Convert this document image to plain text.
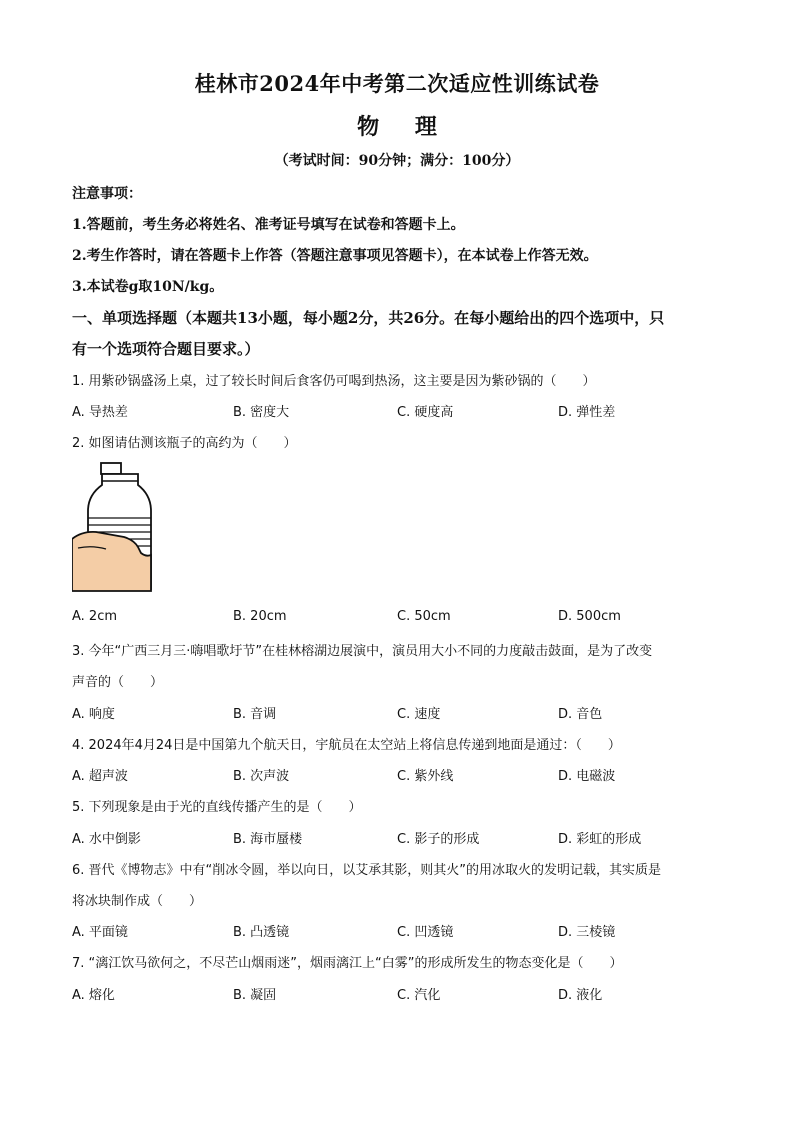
桂林市2024年中考第二次适应性训练试卷
物 理
（考试时间：90分钟；满分：100分）
注意事项：
1.答题前，考生务必将姓名、准考证号填写在试卷和答题卡上。
2.考生作答时，请在答题卡上作答（答题注意事项见答题卡），在本试卷上作答无效。
3.本试卷g取10N/kg。
一、单项选择题（本题共13小题，每小题2分，共26分。在每小题给出的四个选项中，只
有一个选项符合题目要求。）
1. 用紫砂锅盛汤上桌，过了较长时间后食客仍可喝到热汤，这主要是因为紫砂锅的（　　）
A. 导热差	B. 密度大	C. 硬度高	D. 弹性差
2. 如图请估测该瓶子的高约为（　　）
A. 2cm	B. 20cm	C. 50cm	D. 500cm
3. 今年“广西三月三·嗨唱歌圩节”在桂林榕湖边展演中，演员用大小不同的力度敲击鼓面，是为了改变
声音的（　　）
A. 响度	B. 音调	C. 速度	D. 音色
4. 2024年4月24日是中国第九个航天日，宇航员在太空站上将信息传递到地面是通过：（　　）
A. 超声波	B. 次声波	C. 紫外线	D. 电磁波
5. 下列现象是由于光的直线传播产生的是（　　）
A. 水中倒影	B. 海市蜃楼	C. 影子的形成	D. 彩虹的形成
6. 晋代《博物志》中有“削冰令圆，举以向日，以艾承其影，则其火”的用冰取火的发明记载，其实质是
将冰块制作成（　　）
A. 平面镜	B. 凸透镜	C. 凹透镜	D. 三棱镜
7. “漓江饮马欲何之，不尽芒山烟雨迷”，烟雨漓江上“白雾”的形成所发生的物态变化是（　　）
A. 熔化	B. 凝固	C. 汽化	D. 液化
